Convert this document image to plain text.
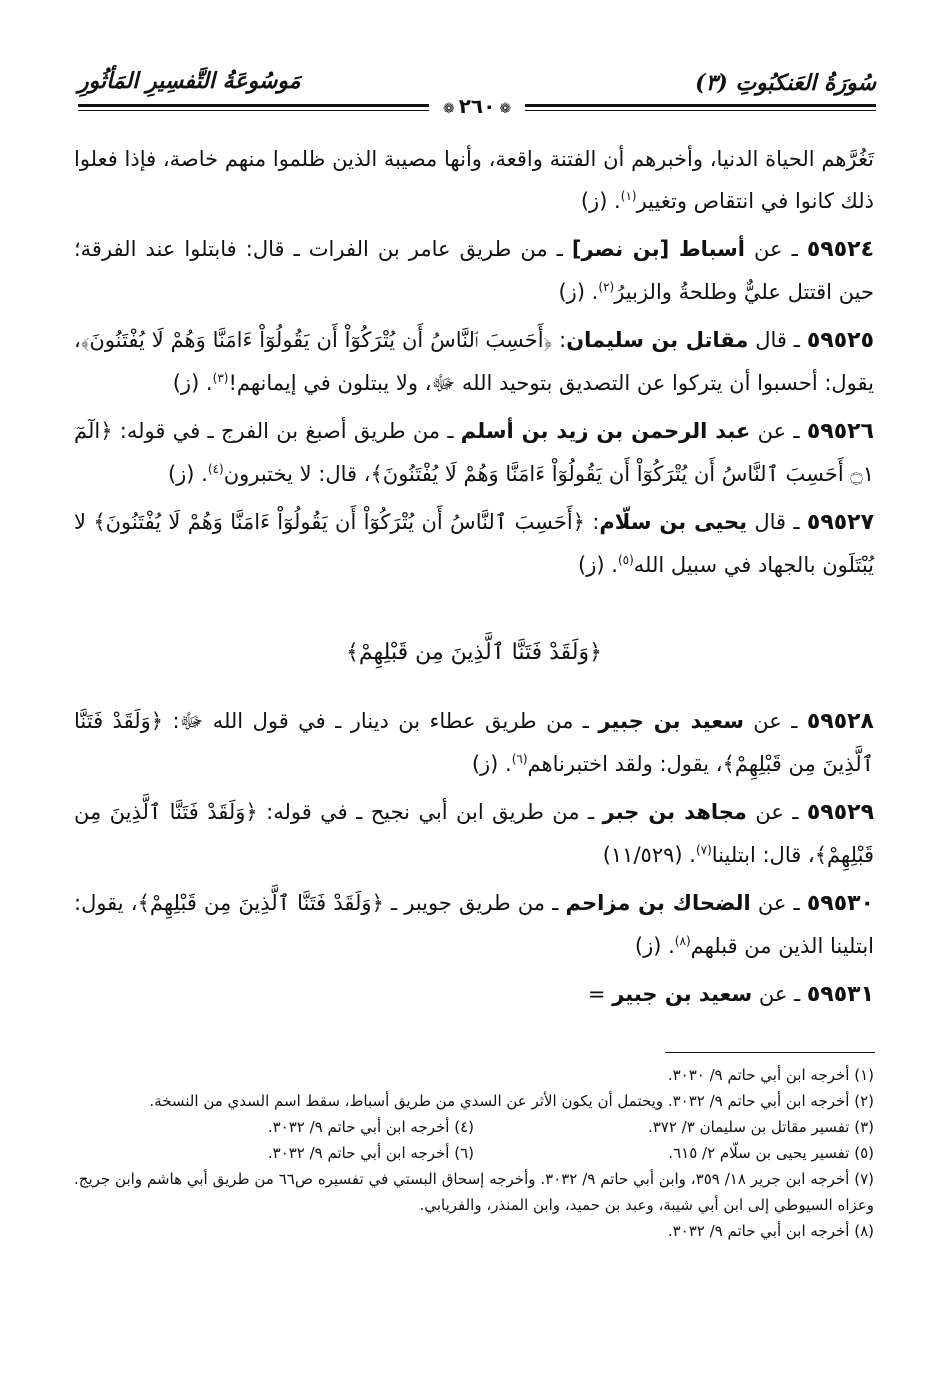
سُورَةُ العَنكبُوتِ (٣)
مَوسُوعَةُ التَّفسِيرِ المَأثُورِ
❁٢٦٠❁

تَغُرَّهم الحياة الدنيا، وأخبرهم أن الفتنة واقعة، وأنها مصيبة الذين ظلموا منهم خاصة، فإذا فعلوا ذلك كانوا في انتقاص وتغيير$^{(١)}$. (ز)

٥٩٥٢٤ ـ عن أسباط [بن نصر] ـ من طريق عامر بن الفرات ـ قال: فابتلوا عند الفرقة؛ حين اقتتل عليٌّ وطلحةُ والزبيرُ$^{(٢)}$. (ز)

٥٩٥٢٥ ـ قال مقاتل بن سليمان: ﴿أَحَسِبَ ٱلنَّاسُ أَن يُتْرَكُوٓاْ أَن يَقُولُوٓاْ ءَامَنَّا وَهُمْ لَا يُفْتَنُونَ﴾، يقول: أحسبوا أن يتركوا عن التصديق بتوحيد الله ﷻ، ولا يبتلون في إيمانهم!$^{(٣)}$. (ز)

٥٩٥٢٦ ـ عن عبد الرحمن بن زيد بن أسلم ـ من طريق أصبغ بن الفرج ـ في قوله: ﴿الٓمٓ ۝١ أَحَسِبَ ٱلنَّاسُ أَن يُتْرَكُوٓاْ أَن يَقُولُوٓاْ ءَامَنَّا وَهُمْ لَا يُفْتَنُونَ﴾، قال: لا يختبرون$^{(٤)}$. (ز)

٥٩٥٢٧ ـ قال يحيى بن سلّام: ﴿أَحَسِبَ ٱلنَّاسُ أَن يُتْرَكُوٓاْ أَن يَقُولُوٓاْ ءَامَنَّا وَهُمْ لَا يُفْتَنُونَ﴾ لا يُبْتَلَون بالجهاد في سبيل الله$^{(٥)}$. (ز)

﴿وَلَقَدْ فَتَنَّا ٱلَّذِينَ مِن قَبْلِهِمْ﴾

٥٩٥٢٨ ـ عن سعيد بن جبير ـ من طريق عطاء بن دينار ـ في قول الله ﷻ: ﴿وَلَقَدْ فَتَنَّا ٱلَّذِينَ مِن قَبْلِهِمْ﴾، يقول: ولقد اختبرناهم$^{(٦)}$. (ز)

٥٩٥٢٩ ـ عن مجاهد بن جبر ـ من طريق ابن أبي نجيح ـ في قوله: ﴿وَلَقَدْ فَتَنَّا ٱلَّذِينَ مِن قَبْلِهِمْ﴾، قال: ابتلينا$^{(٧)}$. (١١/٥٢٩)

٥٩٥٣٠ ـ عن الضحاك بن مزاحم ـ من طريق جويبر ـ ﴿وَلَقَدْ فَتَنَّا ٱلَّذِينَ مِن قَبْلِهِمْ﴾، يقول: ابتلينا الذين من قبلهم$^{(٨)}$. (ز)

٥٩٥٣١ ـ عن سعيد بن جبير =

(١) أخرجه ابن أبي حاتم ٩/ ٣٠٣٠.

(٢) أخرجه ابن أبي حاتم ٩/ ٣٠٣٢. ويحتمل أن يكون الأثر عن السدي من طريق أسباط، سقط اسم السدي من النسخة.

(٣) تفسير مقاتل بن سليمان ٣/ ٣٧٢.
(٤) أخرجه ابن أبي حاتم ٩/ ٣٠٣٢.
(٥) تفسير يحيى بن سلّام ٢/ ٦١٥.
(٦) أخرجه ابن أبي حاتم ٩/ ٣٠٣٢.

(٧) أخرجه ابن جرير ١٨/ ٣٥٩، وابن أبي حاتم ٩/ ٣٠٣٢. وأخرجه إسحاق البستي في تفسيره ص٦٦ من طريق أبي هاشم وابن جريج. وعزاه السيوطي إلى ابن أبي شيبة، وعبد بن حميد، وابن المنذر، والفريابي.

(٨) أخرجه ابن أبي حاتم ٩/ ٣٠٣٢.
